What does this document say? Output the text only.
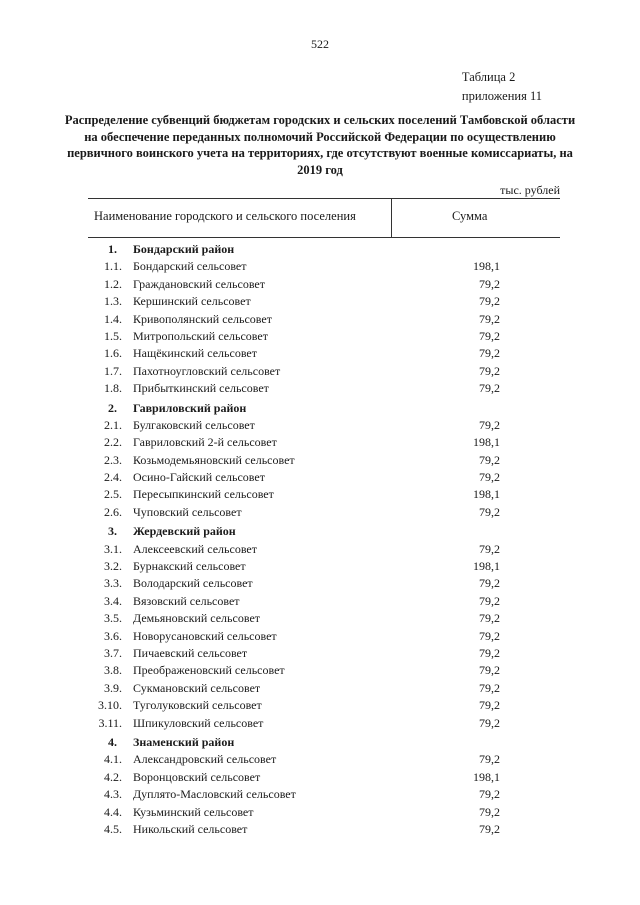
522
Таблица 2
приложения 11
Распределение субвенций бюджетам городских и сельских поселений Тамбовской области на обеспечение переданных полномочий Российской Федерации по осуществлению первичного воинского учета на территориях, где отсутствуют военные комиссариаты, на 2019 год
тыс. рублей
Наименование городского и сельского поселения	Сумма
1. Бондарский район
1.1. Бондарский сельсовет	198,1
1.2. Граждановский сельсовет	79,2
1.3. Кершинский сельсовет	79,2
1.4. Кривополянский сельсовет	79,2
1.5. Митропольский сельсовет	79,2
1.6. Нащёкинский сельсовет	79,2
1.7. Пахотноугловский сельсовет	79,2
1.8. Прибыткинский сельсовет	79,2
2. Гавриловский район
2.1. Булгаковский сельсовет	79,2
2.2. Гавриловский 2-й сельсовет	198,1
2.3. Козьмодемьяновский сельсовет	79,2
2.4. Осино-Гайский сельсовет	79,2
2.5. Пересыпкинский сельсовет	198,1
2.6. Чуповский сельсовет	79,2
3. Жердевский район
3.1. Алексеевский сельсовет	79,2
3.2. Бурнакский сельсовет	198,1
3.3. Володарский сельсовет	79,2
3.4. Вязовский сельсовет	79,2
3.5. Демьяновский сельсовет	79,2
3.6. Новорусановский сельсовет	79,2
3.7. Пичаевский сельсовет	79,2
3.8. Преображеновский сельсовет	79,2
3.9. Сукмановский сельсовет	79,2
3.10. Туголуковский сельсовет	79,2
3.11. Шпикуловский сельсовет	79,2
4. Знаменский район
4.1. Александровский сельсовет	79,2
4.2. Воронцовский сельсовет	198,1
4.3. Дуплято-Масловский сельсовет	79,2
4.4. Кузьминский сельсовет	79,2
4.5. Никольский сельсовет	79,2
